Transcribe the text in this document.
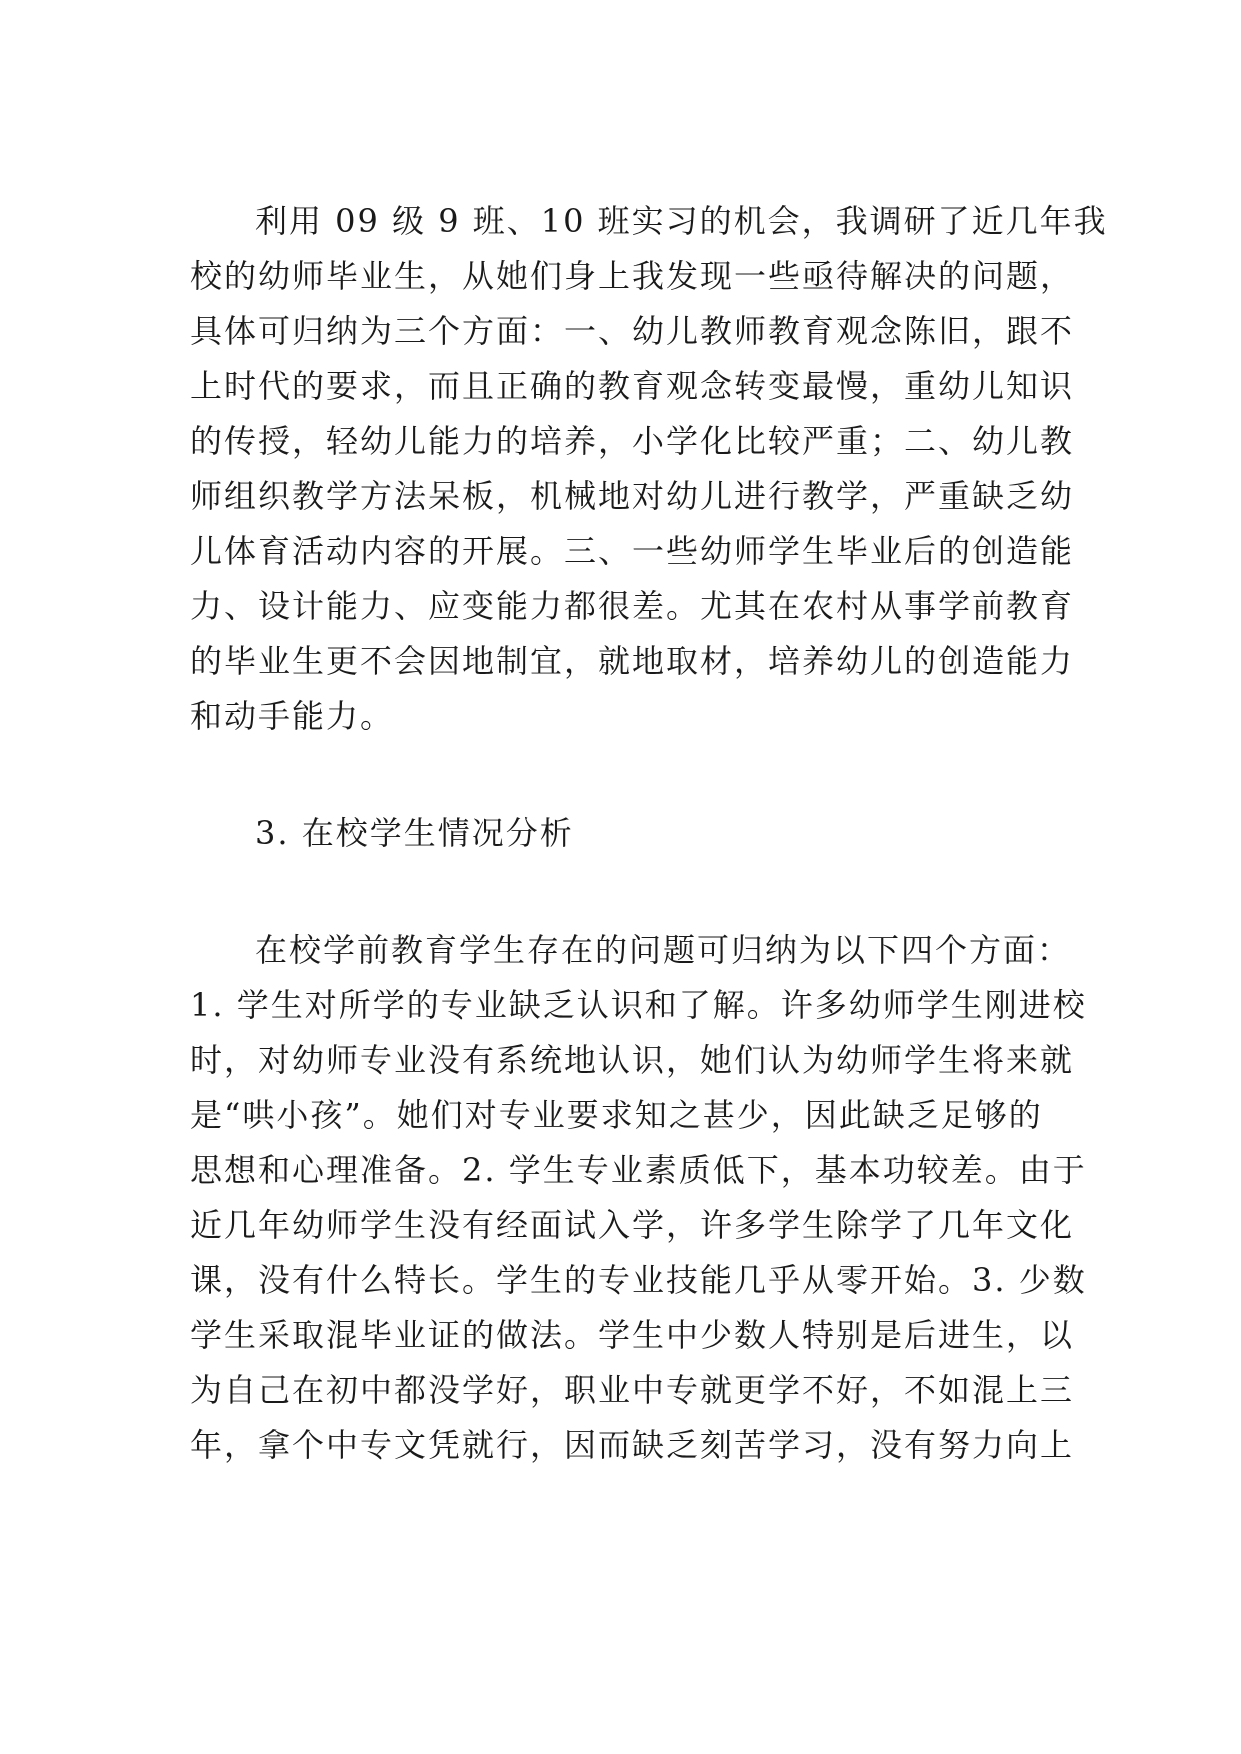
利用 09 级 9 班、10 班实习的机会，我调研了近几年我
校的幼师毕业生，从她们身上我发现一些亟待解决的问题，
具体可归纳为三个方面：一、幼儿教师教育观念陈旧，跟不
上时代的要求，而且正确的教育观念转变最慢，重幼儿知识
的传授，轻幼儿能力的培养，小学化比较严重；二、幼儿教
师组织教学方法呆板，机械地对幼儿进行教学，严重缺乏幼
儿体育活动内容的开展。三、一些幼师学生毕业后的创造能
力、设计能力、应变能力都很差。尤其在农村从事学前教育
的毕业生更不会因地制宜，就地取材，培养幼儿的创造能力
和动手能力。
3. 在校学生情况分析
在校学前教育学生存在的问题可归纳为以下四个方面：
1. 学生对所学的专业缺乏认识和了解。许多幼师学生刚进校
时，对幼师专业没有系统地认识，她们认为幼师学生将来就
是“哄小孩”。她们对专业要求知之甚少，因此缺乏足够的
思想和心理准备。2. 学生专业素质低下，基本功较差。由于
近几年幼师学生没有经面试入学，许多学生除学了几年文化
课，没有什么特长。学生的专业技能几乎从零开始。3. 少数
学生采取混毕业证的做法。学生中少数人特别是后进生，以
为自己在初中都没学好，职业中专就更学不好，不如混上三
年，拿个中专文凭就行，因而缺乏刻苦学习，没有努力向上
